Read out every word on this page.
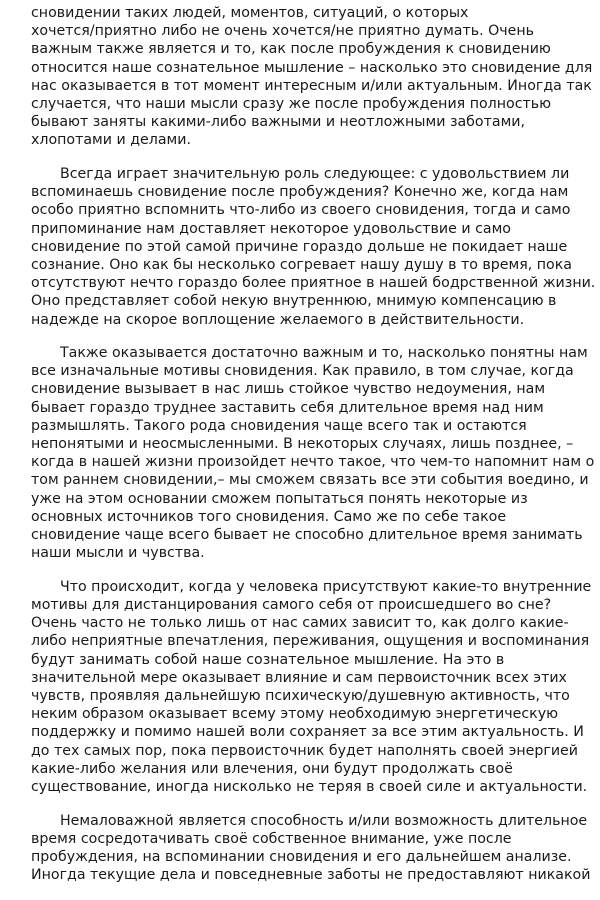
сновидении таких людей, моментов, ситуаций, о которых
хочется/приятно либо не очень хочется/не приятно думать. Очень
важным также является и то, как после пробуждения к сновидению
относится наше сознательное мышление – насколько это сновидение для
нас оказывается в тот момент интересным и/или актуальным. Иногда так
случается, что наши мысли сразу же после пробуждения полностью
бывают заняты какими-либо важными и неотложными заботами,
хлопотами и делами.

Всегда играет значительную роль следующее: с удовольствием ли
вспоминаешь сновидение после пробуждения? Конечно же, когда нам
особо приятно вспомнить что-либо из своего сновидения, тогда и само
припоминание нам доставляет некоторое удовольствие и само
сновидение по этой самой причине гораздо дольше не покидает наше
сознание. Оно как бы несколько согревает нашу душу в то время, пока
отсутствуют нечто гораздо более приятное в нашей бодрственной жизни.
Оно представляет собой некую внутреннюю, мнимую компенсацию в
надежде на скорое воплощение желаемого в действительности.

Также оказывается достаточно важным и то, насколько понятны нам
все изначальные мотивы сновидения. Как правило, в том случае, когда
сновидение вызывает в нас лишь стойкое чувство недоумения, нам
бывает гораздо труднее заставить себя длительное время над ним
размышлять. Такого рода сновидения чаще всего так и остаются
непонятыми и неосмысленными. В некоторых случаях, лишь позднее, –
когда в нашей жизни произойдет нечто такое, что чем-то напомнит нам о
том раннем сновидении,– мы сможем связать все эти события воедино, и
уже на этом основании сможем попытаться понять некоторые из
основных источников того сновидения. Само же по себе такое
сновидение чаще всего бывает не способно длительное время занимать
наши мысли и чувства.

Что происходит, когда у человека присутствуют какие-то внутренние
мотивы для дистанцирования самого себя от происшедшего во сне?
Очень часто не только лишь от нас самих зависит то, как долго какие-
либо неприятные впечатления, переживания, ощущения и воспоминания
будут занимать собой наше сознательное мышление. На это в
значительной мере оказывает влияние и сам первоисточник всех этих
чувств, проявляя дальнейшую психическую/душевную активность, что
неким образом оказывает всему этому необходимую энергетическую
поддержку и помимо нашей воли сохраняет за все этим актуальность. И
до тех самых пор, пока первоисточник будет наполнять своей энергией
какие-либо желания или влечения, они будут продолжать своё
существование, иногда нисколько не теряя в своей силе и актуальности.

Немаловажной является способность и/или возможность длительное
время сосредотачивать своё собственное внимание, уже после
пробуждения, на вспоминании сновидения и его дальнейшем анализе.
Иногда текущие дела и повседневные заботы не предоставляют никакой
